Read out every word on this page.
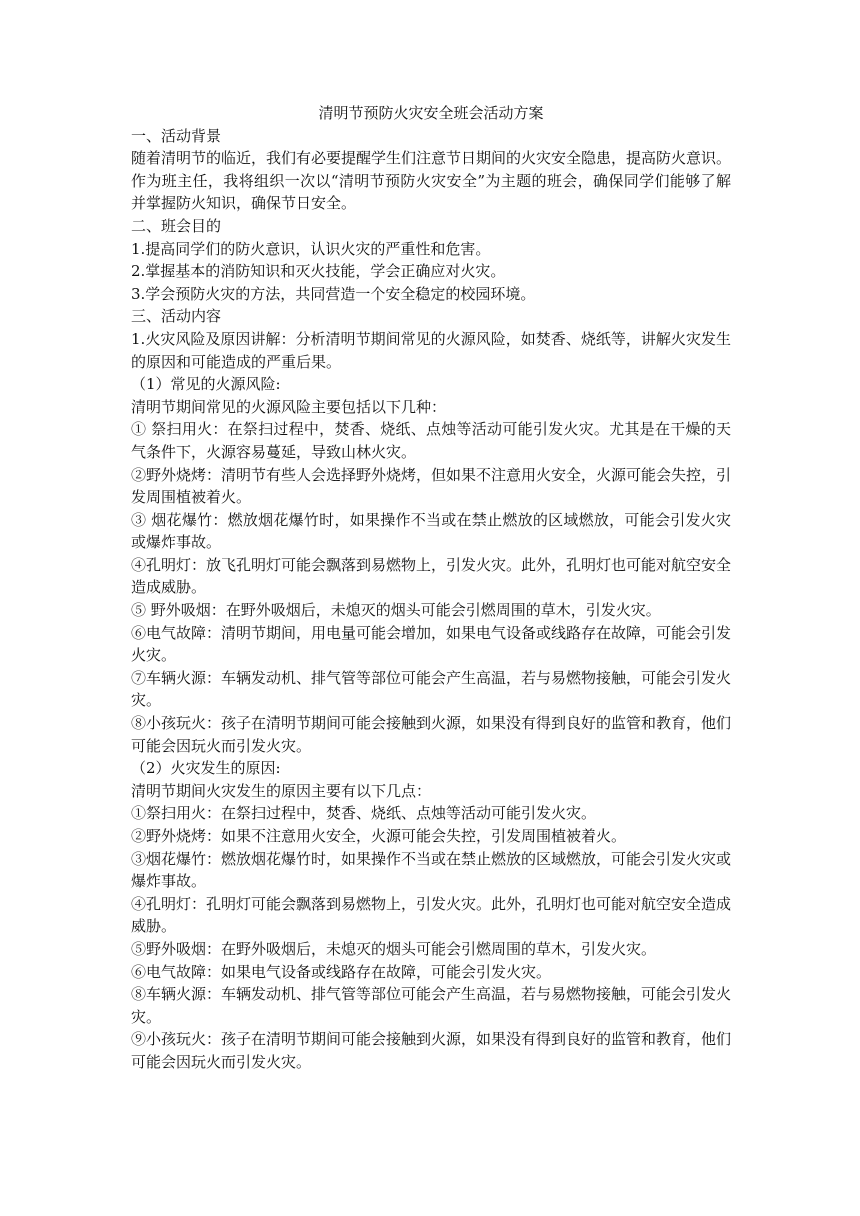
清明节预防火灾安全班会活动方案

一、活动背景

随着清明节的临近，我们有必要提醒学生们注意节日期间的火灾安全隐患，提高防火意识。

作为班主任，我将组织一次以“清明节预防火灾安全”为主题的班会，确保同学们能够了解并掌握防火知识，确保节日安全。

二、班会目的

1.提高同学们的防火意识，认识火灾的严重性和危害。

2.掌握基本的消防知识和灭火技能，学会正确应对火灾。

3.学会预防火灾的方法，共同营造一个安全稳定的校园环境。

三、活动内容

1.火灾风险及原因讲解：分析清明节期间常见的火源风险，如焚香、烧纸等，讲解火灾发生的原因和可能造成的严重后果。

（1）常见的火源风险:

清明节期间常见的火源风险主要包括以下几种：

① 祭扫用火：在祭扫过程中，焚香、烧纸、点烛等活动可能引发火灾。尤其是在干燥的天气条件下，火源容易蔓延，导致山林火灾。

②野外烧烤：清明节有些人会选择野外烧烤，但如果不注意用火安全，火源可能会失控，引发周围植被着火。

③ 烟花爆竹：燃放烟花爆竹时，如果操作不当或在禁止燃放的区域燃放，可能会引发火灾或爆炸事故。

④孔明灯：放飞孔明灯可能会飘落到易燃物上，引发火灾。此外，孔明灯也可能对航空安全造成威胁。

⑤ 野外吸烟：在野外吸烟后，未熄灭的烟头可能会引燃周围的草木，引发火灾。

⑥电气故障：清明节期间，用电量可能会增加，如果电气设备或线路存在故障，可能会引发火灾。

⑦车辆火源：车辆发动机、排气管等部位可能会产生高温，若与易燃物接触，可能会引发火灾。

⑧小孩玩火：孩子在清明节期间可能会接触到火源，如果没有得到良好的监管和教育，他们可能会因玩火而引发火灾。

（2）火灾发生的原因:

清明节期间火灾发生的原因主要有以下几点：

①祭扫用火：在祭扫过程中，焚香、烧纸、点烛等活动可能引发火灾。

②野外烧烤：如果不注意用火安全，火源可能会失控，引发周围植被着火。

③烟花爆竹：燃放烟花爆竹时，如果操作不当或在禁止燃放的区域燃放，可能会引发火灾或爆炸事故。

④孔明灯：孔明灯可能会飘落到易燃物上，引发火灾。此外，孔明灯也可能对航空安全造成威胁。

⑤野外吸烟：在野外吸烟后，未熄灭的烟头可能会引燃周围的草木，引发火灾。

⑥电气故障：如果电气设备或线路存在故障，可能会引发火灾。

⑧车辆火源：车辆发动机、排气管等部位可能会产生高温，若与易燃物接触，可能会引发火灾。

⑨小孩玩火：孩子在清明节期间可能会接触到火源，如果没有得到良好的监管和教育，他们可能会因玩火而引发火灾。
